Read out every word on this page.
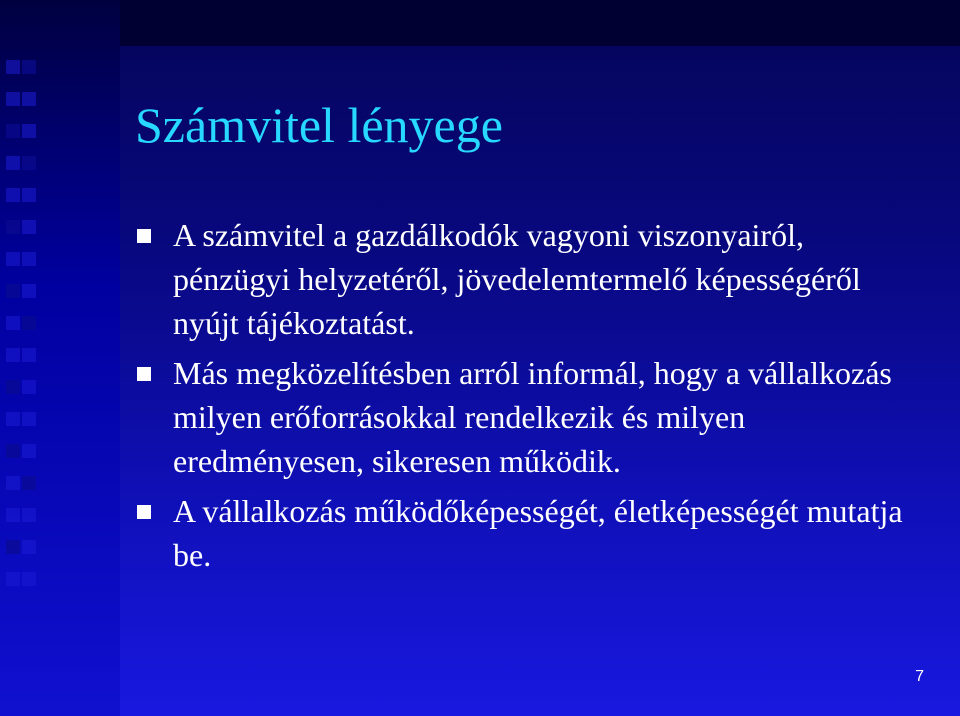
Számvitel lényege
A számvitel a gazdálkodók vagyoni viszonyairól, pénzügyi helyzetéről, jövedelemtermelő képességéről nyújt tájékoztatást.
Más megközelítésben arról informál, hogy a vállalkozás milyen erőforrásokkal rendelkezik és milyen eredményesen, sikeresen működik.
A vállalkozás működőképességét, életképességét mutatja be.
7
